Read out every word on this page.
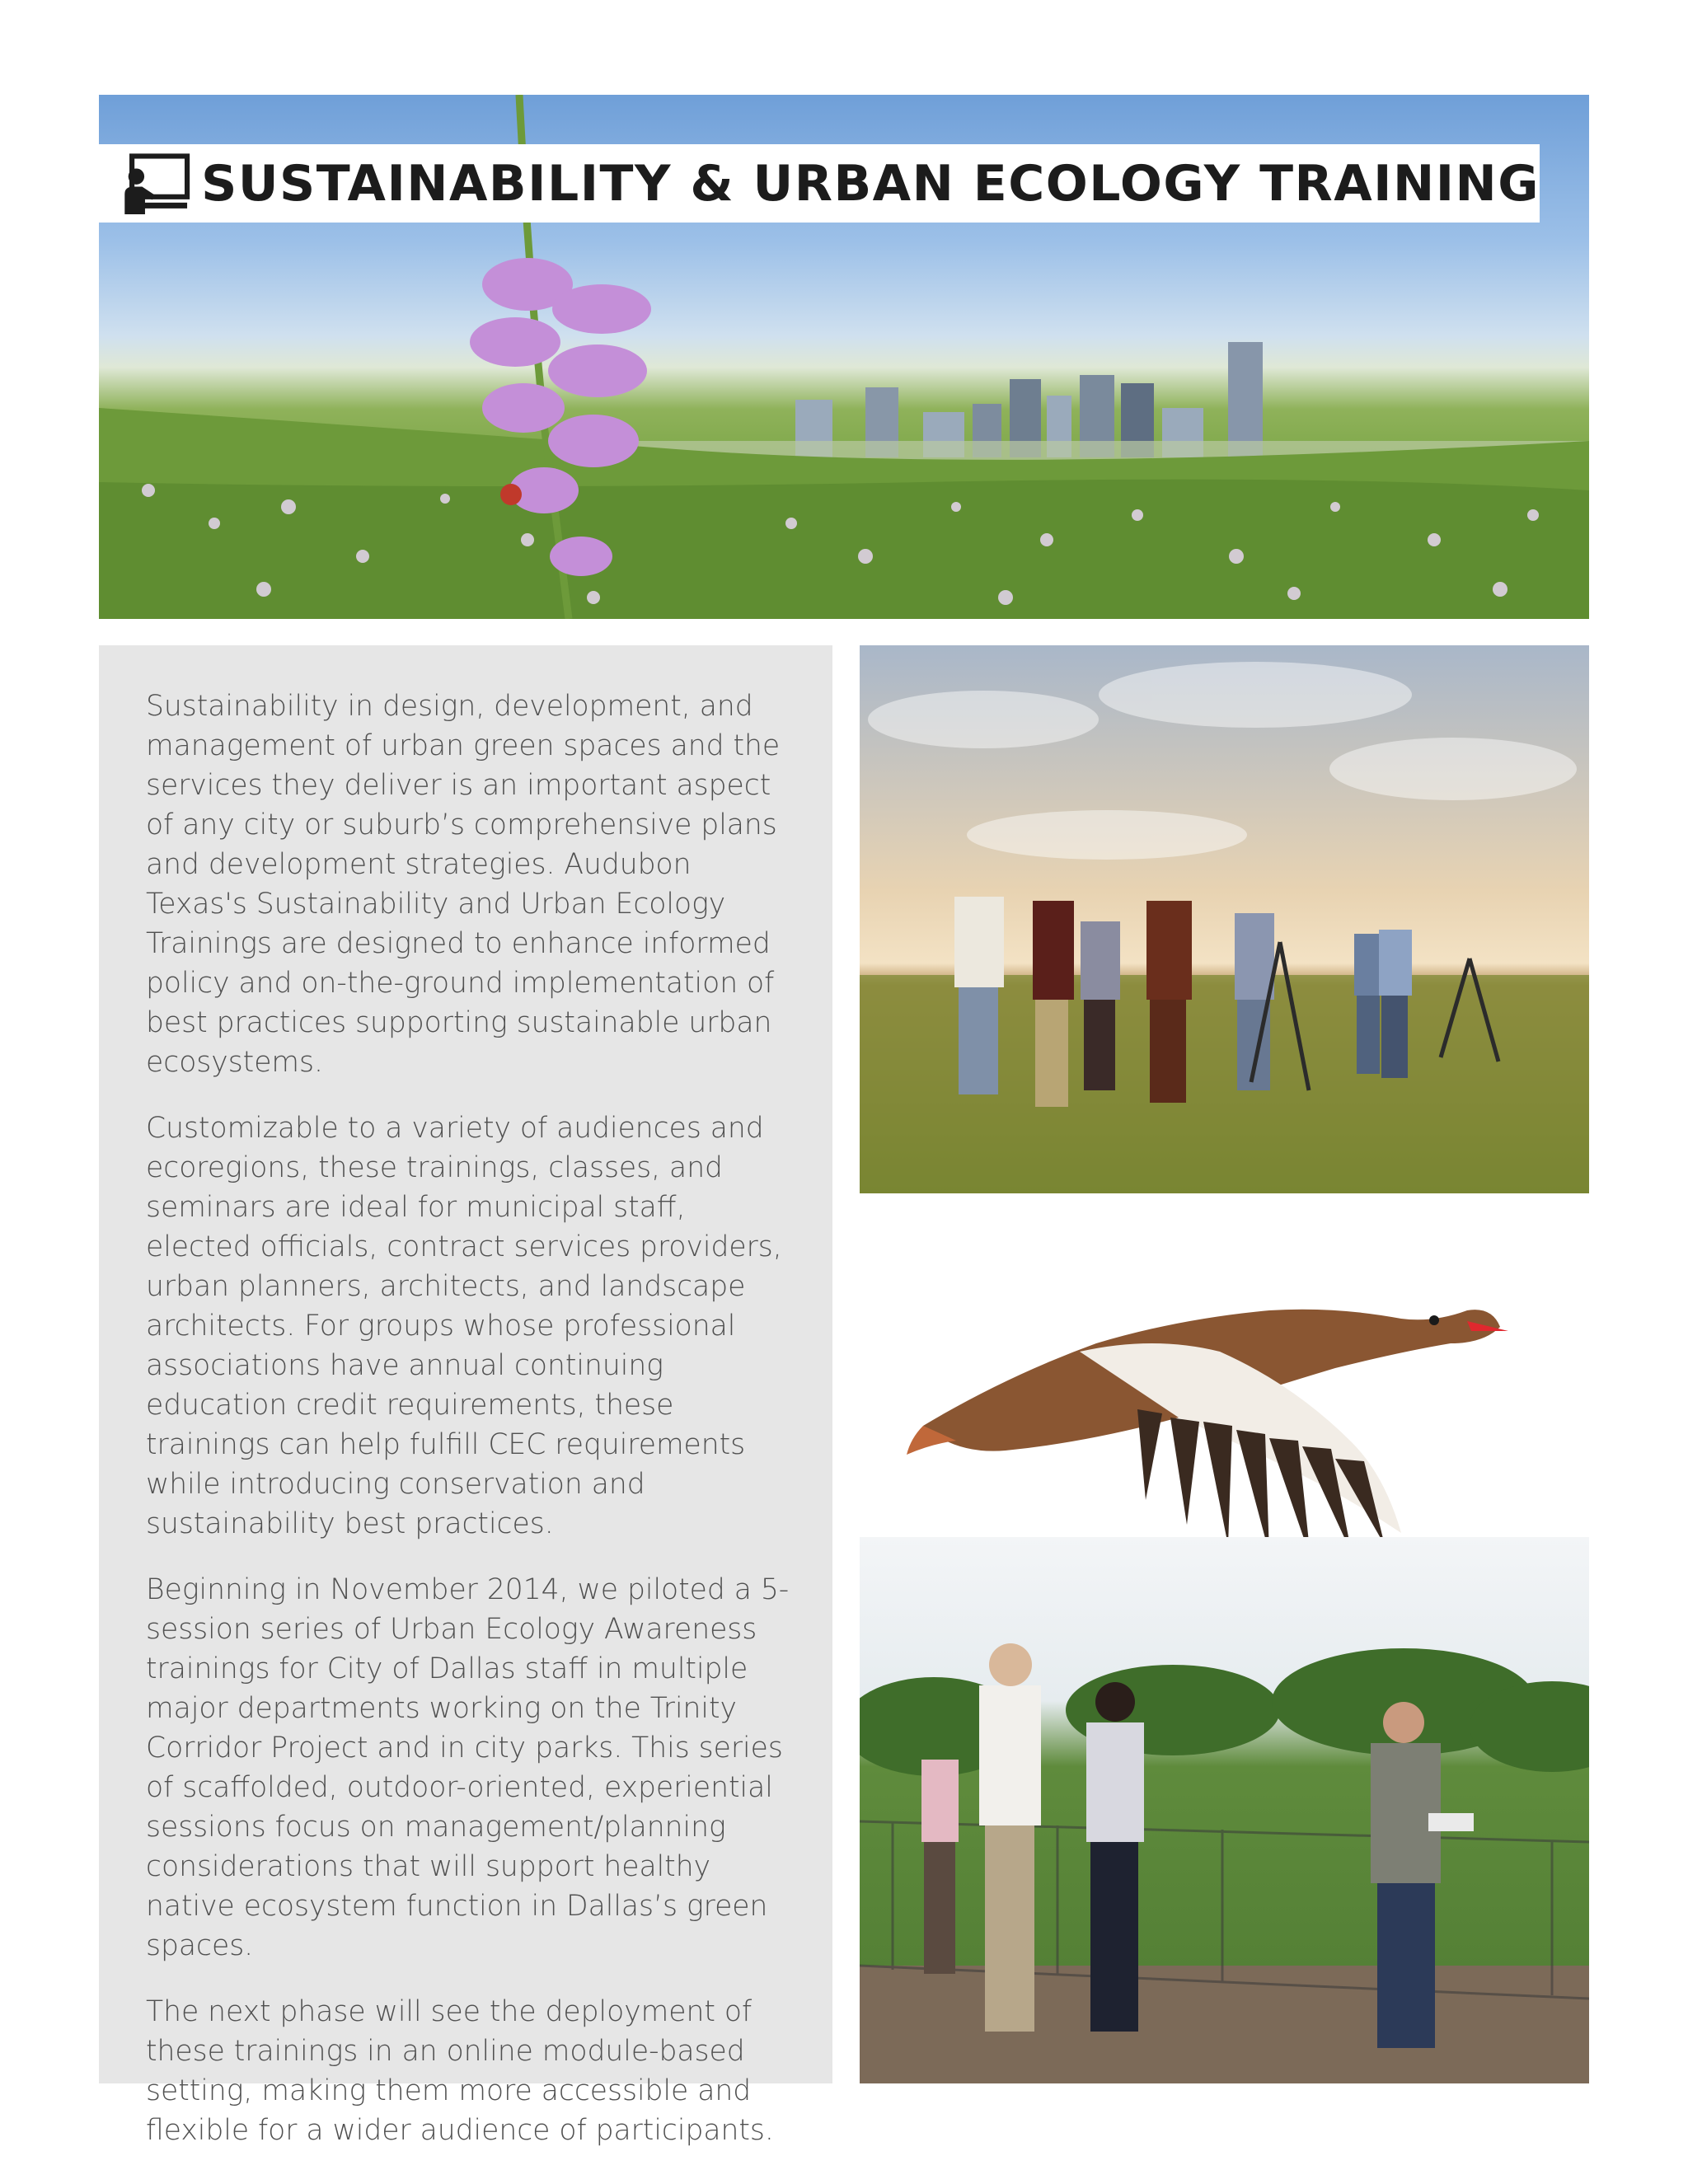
SUSTAINABILITY & URBAN ECOLOGY TRAINING

Sustainability in design, development, and management of urban green spaces and the services they deliver is an important aspect of any city or suburb’s comprehensive plans and development strategies. Audubon Texas's Sustainability and Urban Ecology Trainings are designed to enhance informed policy and on-the-ground implementation of best practices supporting sustainable urban ecosystems.

Customizable to a variety of audiences and ecoregions, these trainings, classes, and seminars are ideal for municipal staff, elected officials, contract services providers, urban planners, architects, and landscape architects. For groups whose professional associations have annual continuing education credit requirements, these trainings can help fulfill CEC requirements while introducing conservation and sustainability best practices.

Beginning in November 2014, we piloted a 5-session series of Urban Ecology Awareness trainings for City of Dallas staff in multiple major departments working on the Trinity Corridor Project and in city parks. This series of scaffolded, outdoor-oriented, experiential sessions focus on management/planning considerations that will support healthy native ecosystem function in Dallas’s green spaces.

The next phase will see the deployment of these trainings in an online module-based setting, making them more accessible and flexible for a wider audience of participants.
